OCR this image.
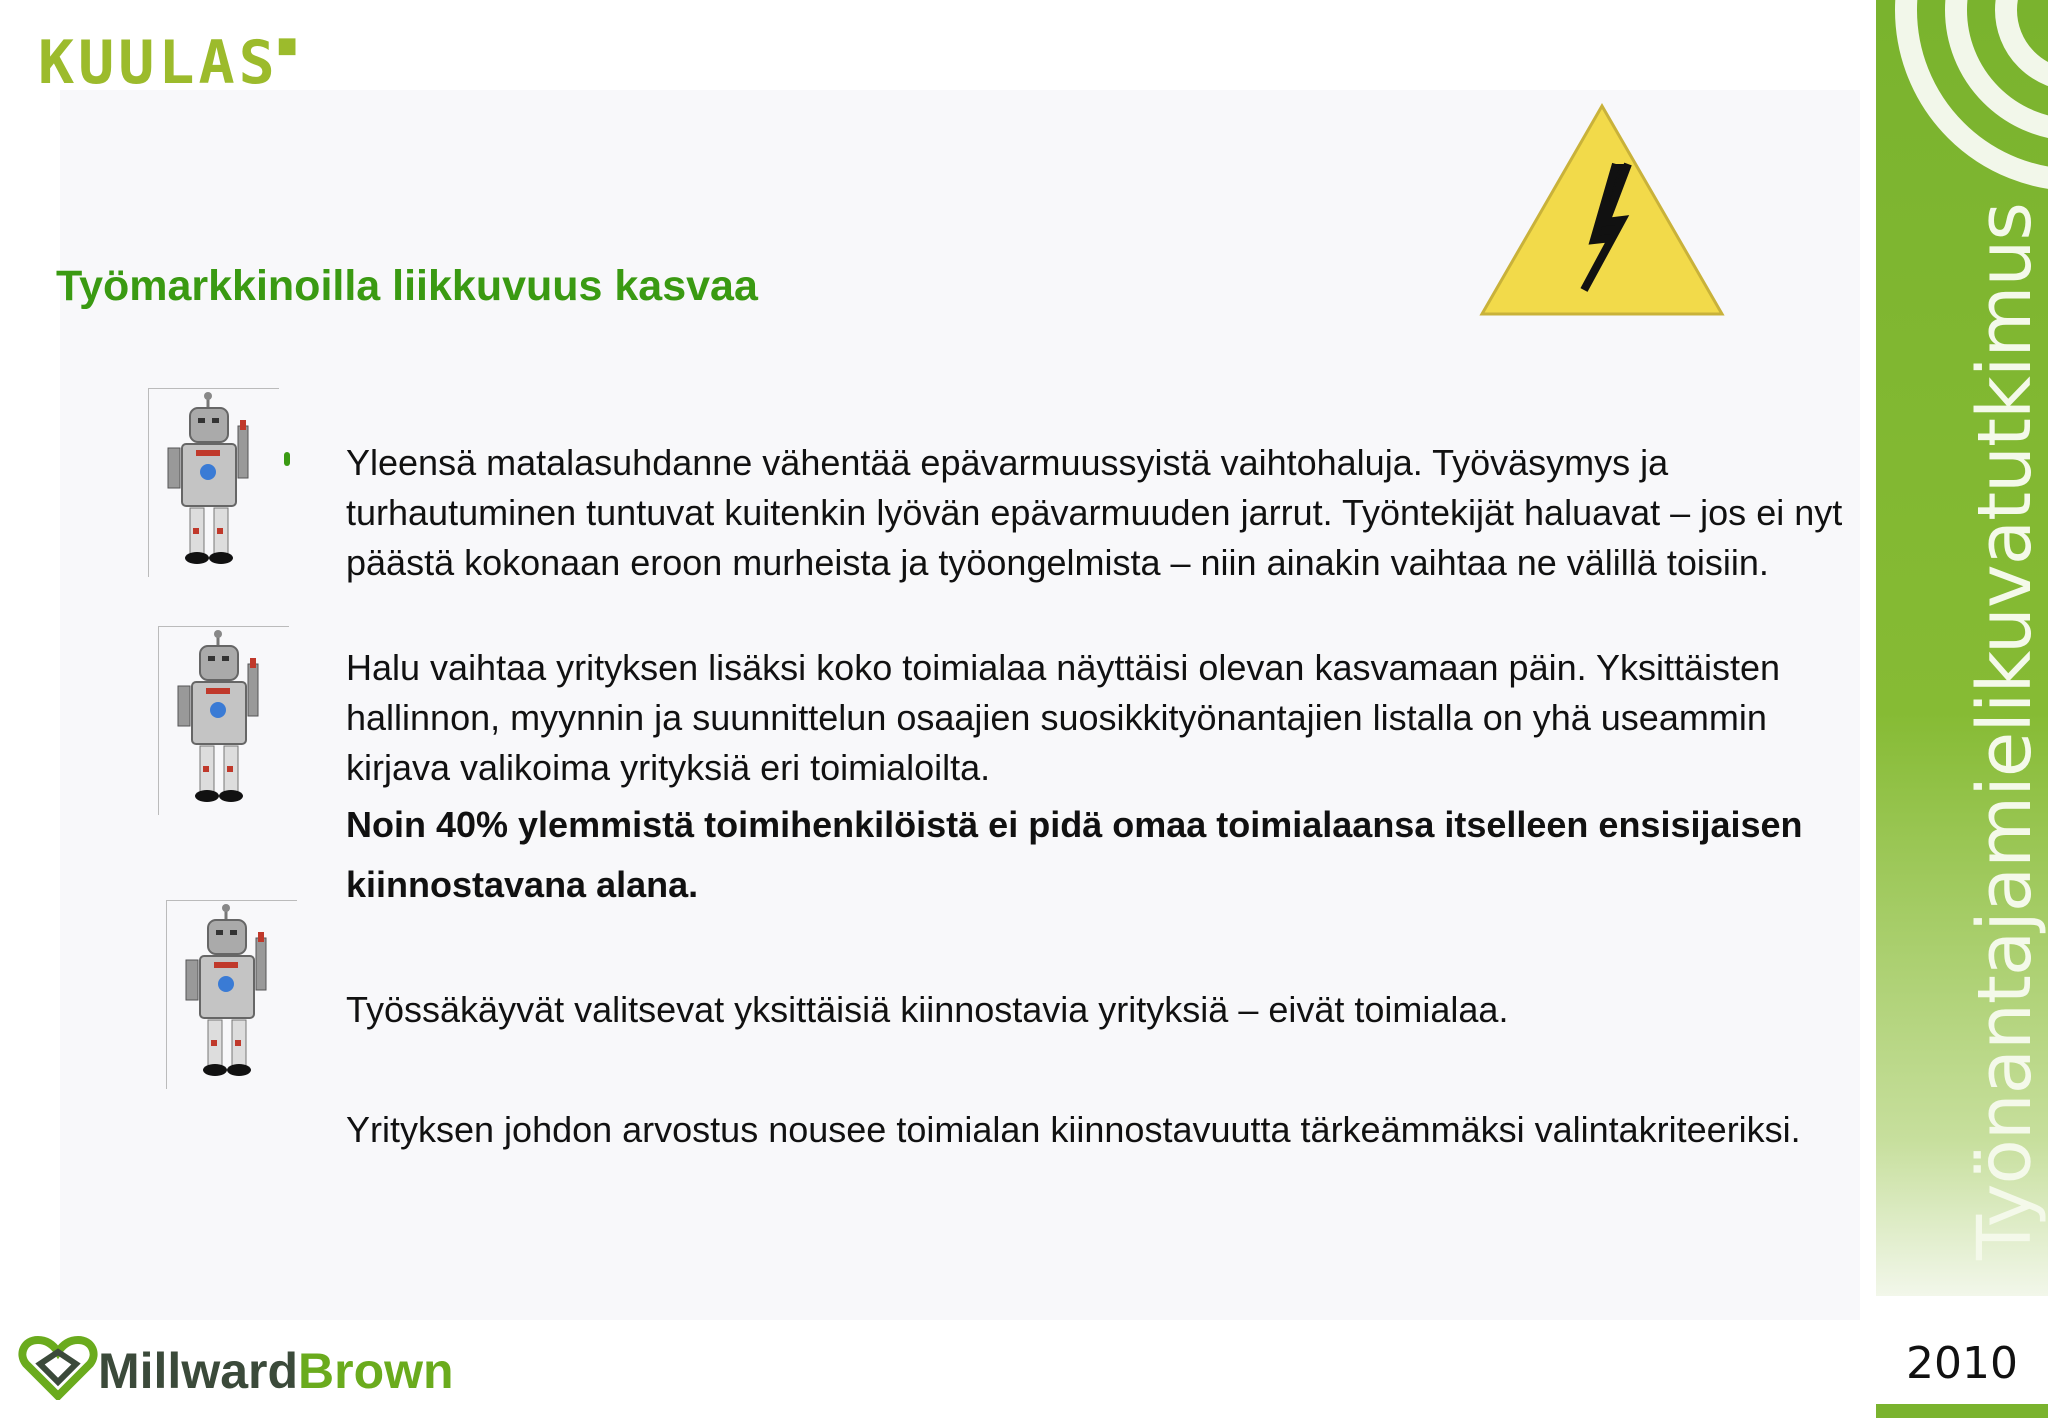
KUULAS■
Työmarkkinoilla liikkuvuus kasvaa

Yleensä matalasuhdanne vähentää epävarmuussyistä vaihtohaluja. Työväsymys ja turhautuminen tuntuvat kuitenkin lyövän epävarmuuden jarrut. Työntekijät haluavat – jos ei nyt päästä kokonaan eroon murheista ja työongelmista – niin ainakin vaihtaa ne välillä toisiin.

Halu vaihtaa yrityksen lisäksi koko toimialaa näyttäisi olevan kasvamaan päin. Yksittäisten hallinnon, myynnin ja suunnittelun osaajien suosikkityönantajien listalla on yhä useammin kirjava valikoima yrityksiä eri toimialoilta.

Noin 40% ylemmistä toimihenkilöistä ei pidä omaa toimialaansa itselleen ensisijaisen kiinnostavana alana.

Työssäkäyvät valitsevat yksittäisiä kiinnostavia yrityksiä – eivät toimialaa.

Yrityksen johdon arvostus nousee toimialan kiinnostavuutta tärkeämmäksi valintakriteeriksi.	Työnantajamielikuvatutkimus
2010
MillwardBrown
